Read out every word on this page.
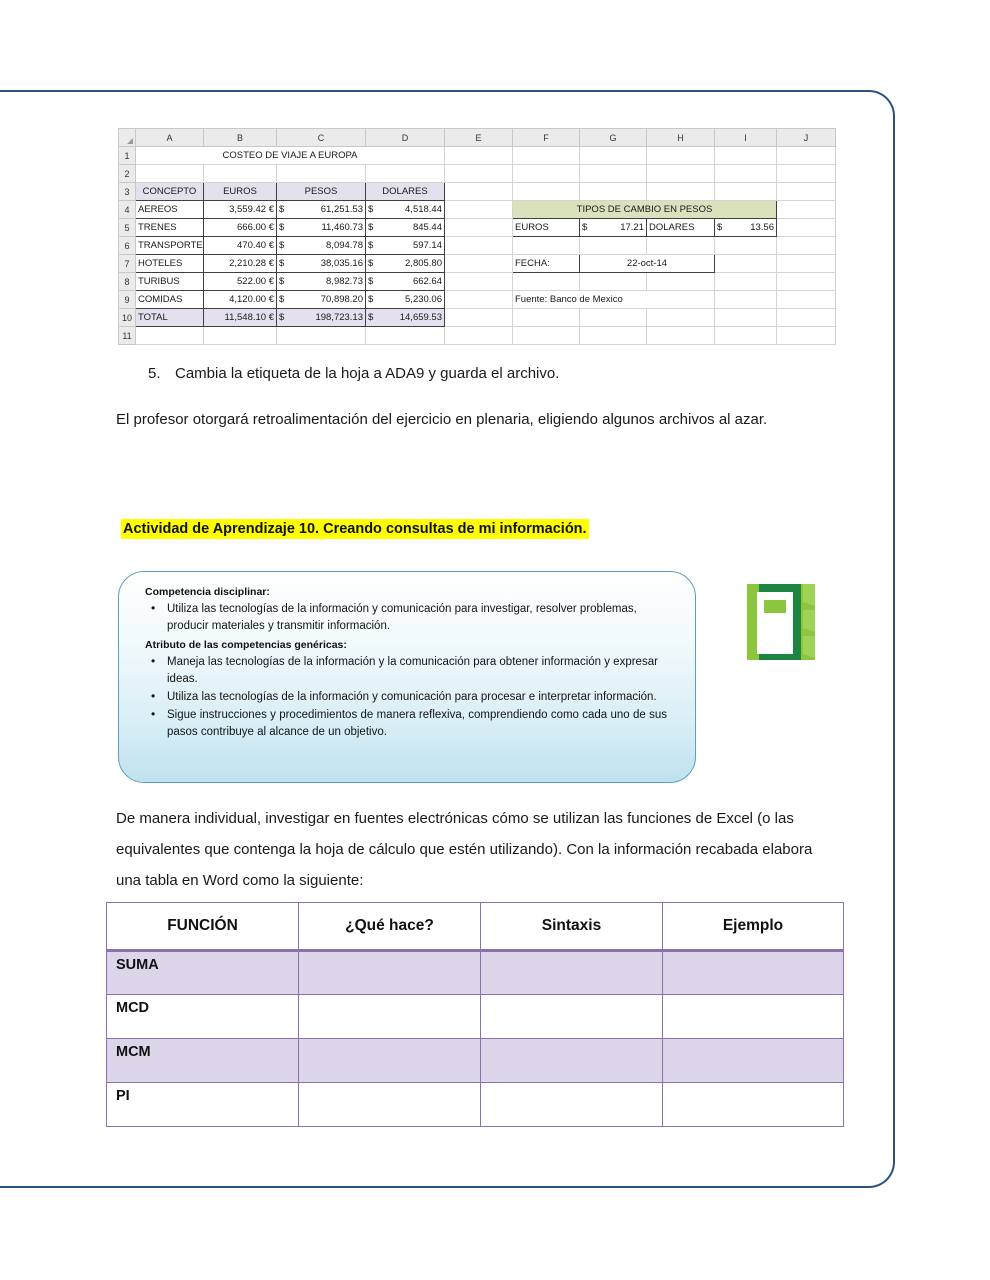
	A	B	C	D	E	F	G	H	I	J
1	COSTEO DE VIAJE A EUROPA									
2										
3	CONCEPTO	EUROS	PESOS	DOLARES						
4	AEREOS	3,559.42 €	$ 61,251.53	$ 4,518.44		TIPOS DE CAMBIO EN PESOS				
5	TRENES	666.00 €	$ 11,460.73	$ 845.44		EUROS	$ 17.21	DOLARES	$ 13.56	

6	TRANSPORTE	470.40 €	$ 8,094.78	$ 597.14						

7	HOTELES	2,210.28 €	$ 38,035.16	$ 2,805.80		FECHA:	22-oct-14			
8	TURIBUS	522.00 €	$ 8,982.73	$ 662.64						

9	COMIDAS	4,120.00 €	$ 70,898.20	$ 5,230.06		Fuente: Banco de Mexico				
10	TOTAL	11,548.10 €	$ 198,723.13	$ 14,659.53						

11										
5. Cambia la etiqueta de la hoja a ADA9 y guarda el archivo.
El profesor otorgará retroalimentación del ejercicio en plenaria, eligiendo algunos archivos al azar.
Actividad de Aprendizaje 10. Creando consultas de mi información.

Competencia disciplinar:

• Utiliza las tecnologías de la información y comunicación para investigar, resolver problemas, producir materiales y transmitir información.

Atributo de las competencias genéricas:

• Maneja las tecnologías de la información y la comunicación para obtener información y expresar ideas.
• Utiliza las tecnologías de la información y comunicación para procesar e interpretar información.
• Sigue instrucciones y procedimientos de manera reflexiva, comprendiendo como cada uno de sus pasos contribuye al alcance de un objetivo.
De manera individual, investigar en fuentes electrónicas cómo se utilizan las funciones de Excel (o las equivalentes que contenga la hoja de cálculo que estén utilizando). Con la información recabada elabora una tabla en Word como la siguiente:
FUNCIÓN	¿Qué hace?	Sintaxis	Ejemplo
SUMA			
MCD			
MCM			
PI			
